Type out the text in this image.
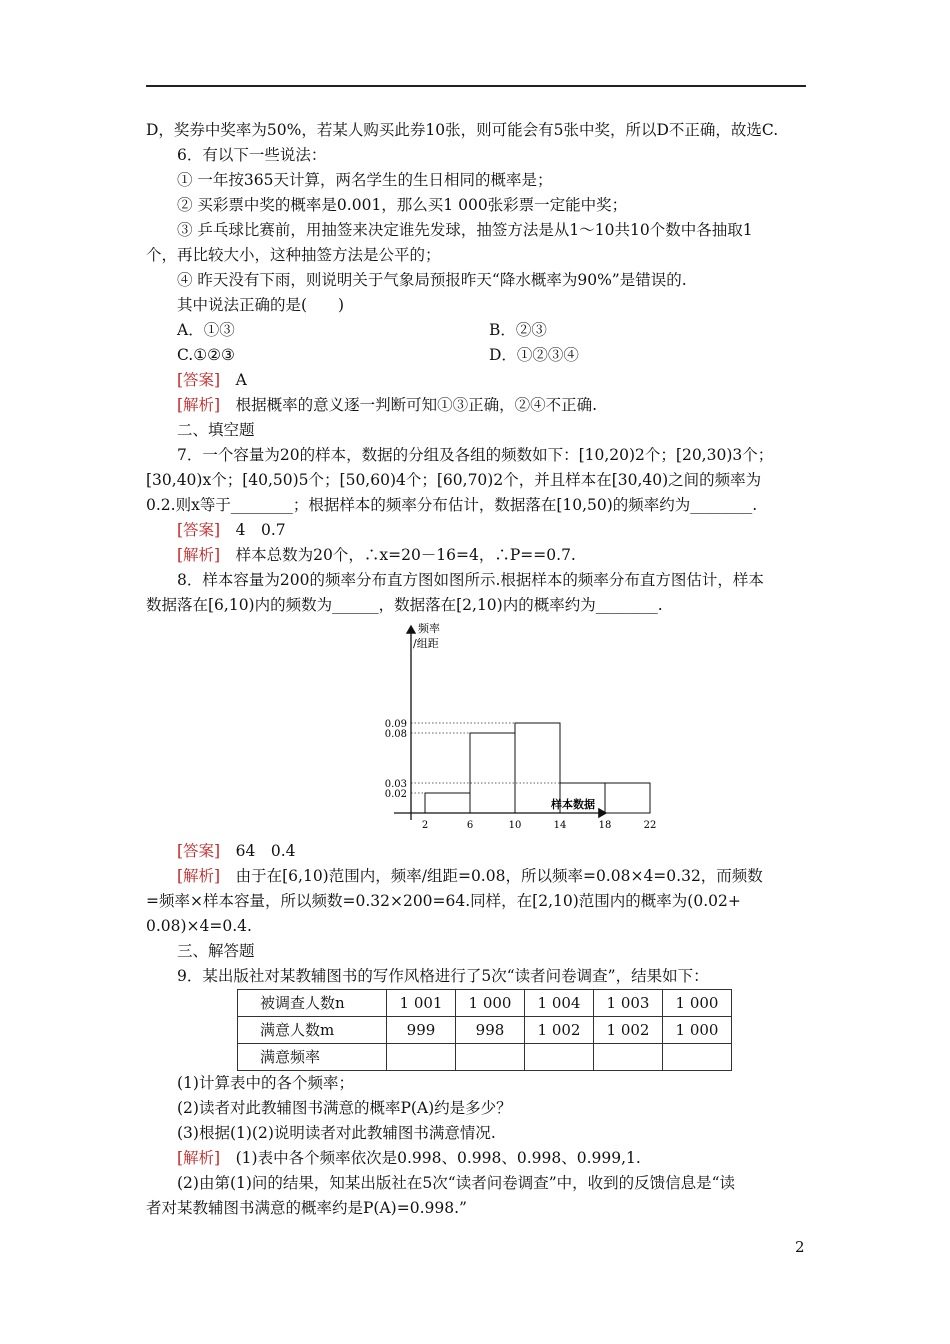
D，奖券中奖率为50%，若某人购买此券10张，则可能会有5张中奖，所以D不正确，故选C.

6．有以下一些说法：

① 一年按365天计算，两名学生的生日相同的概率是；

② 买彩票中奖的概率是0.001，那么买1 000张彩票一定能中奖；

③ 乒乓球比赛前，用抽签来决定谁先发球，抽签方法是从1～10共10个数中各抽取1

个，再比较大小，这种抽签方法是公平的；

④ 昨天没有下雨，则说明关于气象局预报昨天“降水概率为90%”是错误的.

其中说法正确的是(　　)

A．①③	B．②③
C.①②③	D．①②③④

[答案]　 A

[解析]　 根据概率的意义逐一判断可知①③正确，②④不正确.

二、填空题

7．一个容量为20的样本，数据的分组及各组的频数如下：[10,20)2个；[20,30)3个；

[30,40)x个；[40,50)5个；[50,60)4个；[60,70)2个，并且样本在[30,40)之间的频率为

0.2.则x等于________；根据样本的频率分布估计，数据落在[10,50)的频率约为________.

[答案]　 4　0.7

[解析]　 样本总数为20个，∴x=20－16=4，∴P==0.7.

8．样本容量为200的频率分布直方图如图所示.根据样本的频率分布直方图估计，样本

数据落在[6,10)内的频数为______，数据落在[2,10)内的概率约为________.

0.09
0.08
0.03
0.02
2	6	10	14	18	22
频率
/组距
样本数据

[答案]　 64　0.4

[解析]　 由于在[6,10)范围内，频率/组距=0.08，所以频率=0.08×4=0.32，而频数

=频率×样本容量，所以频数=0.32×200=64.同样，在[2,10)范围内的概率为(0.02+

0.08)×4=0.4.

三、解答题

9．某出版社对某教辅图书的写作风格进行了5次“读者问卷调查”，结果如下：

被调查人数n	1 001	1 000	1 004	1 003	1 000
满意人数m	999	998	1 002	1 002	1 000
满意频率					

(1)计算表中的各个频率；

(2)读者对此教辅图书满意的概率P(A)约是多少？

(3)根据(1)(2)说明读者对此教辅图书满意情况.

[解析]　 (1)表中各个频率依次是0.998、0.998、0.998、0.999,1.

(2)由第(1)问的结果，知某出版社在5次“读者问卷调查”中，收到的反馈信息是“读

者对某教辅图书满意的概率约是P(A)=0.998.”

2
